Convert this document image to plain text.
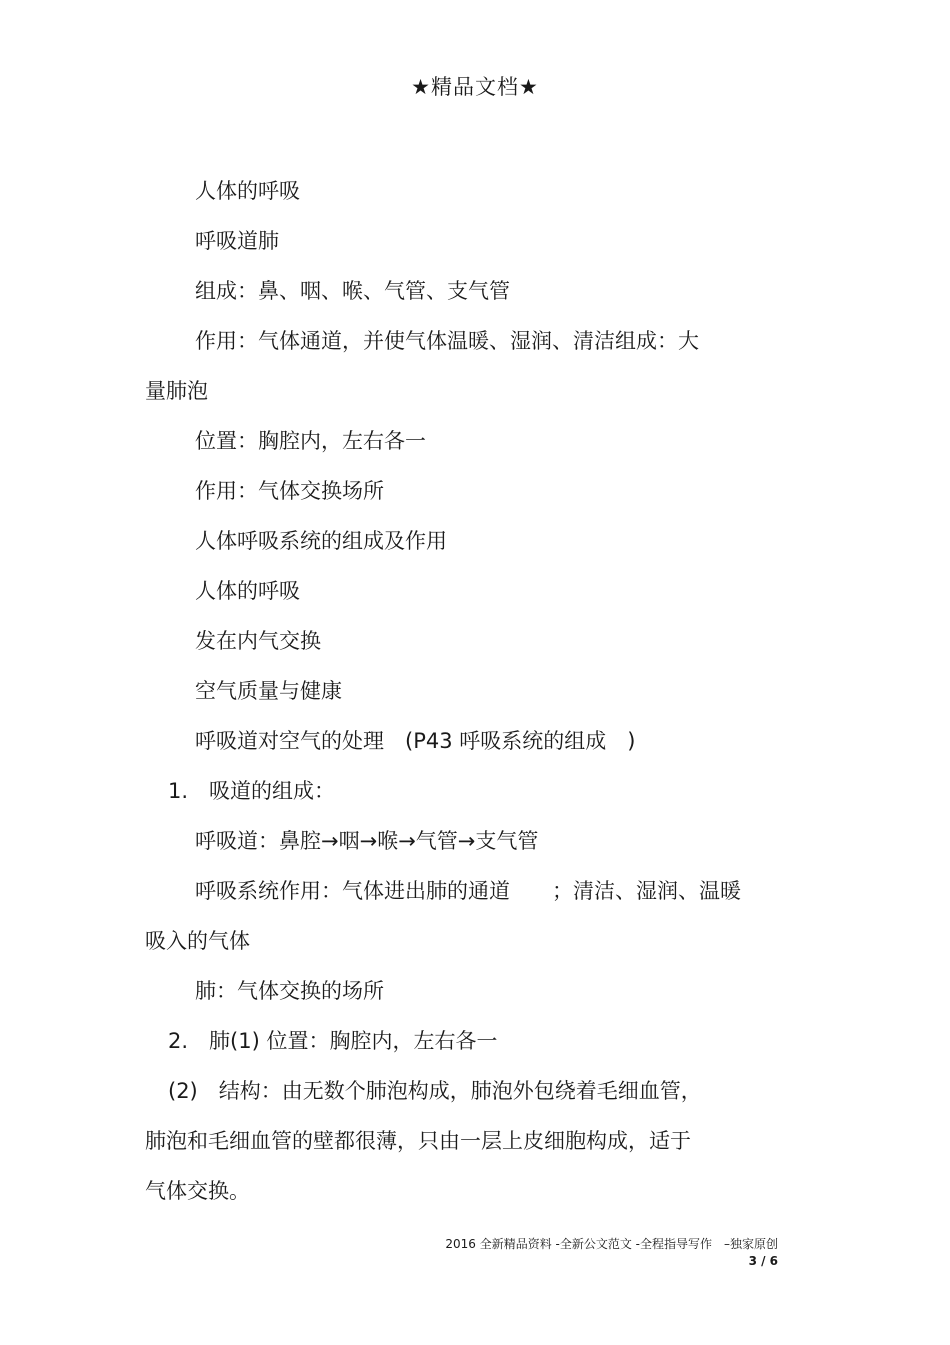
★精品文档★
人体的呼吸
呼吸道肺
组成：鼻、咽、喉、气管、支气管
作用：气体通道，并使气体温暖、湿润、清洁组成：大
量肺泡
位置：胸腔内，左右各一
作用：气体交换场所
人体呼吸系统的组成及作用
人体的呼吸
发在内气交换
空气质量与健康
呼吸道对空气的处理　(P43 呼吸系统的组成　)
1.　吸道的组成：
呼吸道：鼻腔→咽→喉→气管→支气管
呼吸系统作用：气体进出肺的通道　　；清洁、湿润、温暖
吸入的气体
肺：气体交换的场所
2.　肺(1) 位置：胸腔内，左右各一
(2)　结构：由无数个肺泡构成，肺泡外包绕着毛细血管，
肺泡和毛细血管的壁都很薄，只由一层上皮细胞构成，适于
气体交换。
2016 全新精品资料 -全新公文范文 -全程指导写作　–独家原创
3 / 6
